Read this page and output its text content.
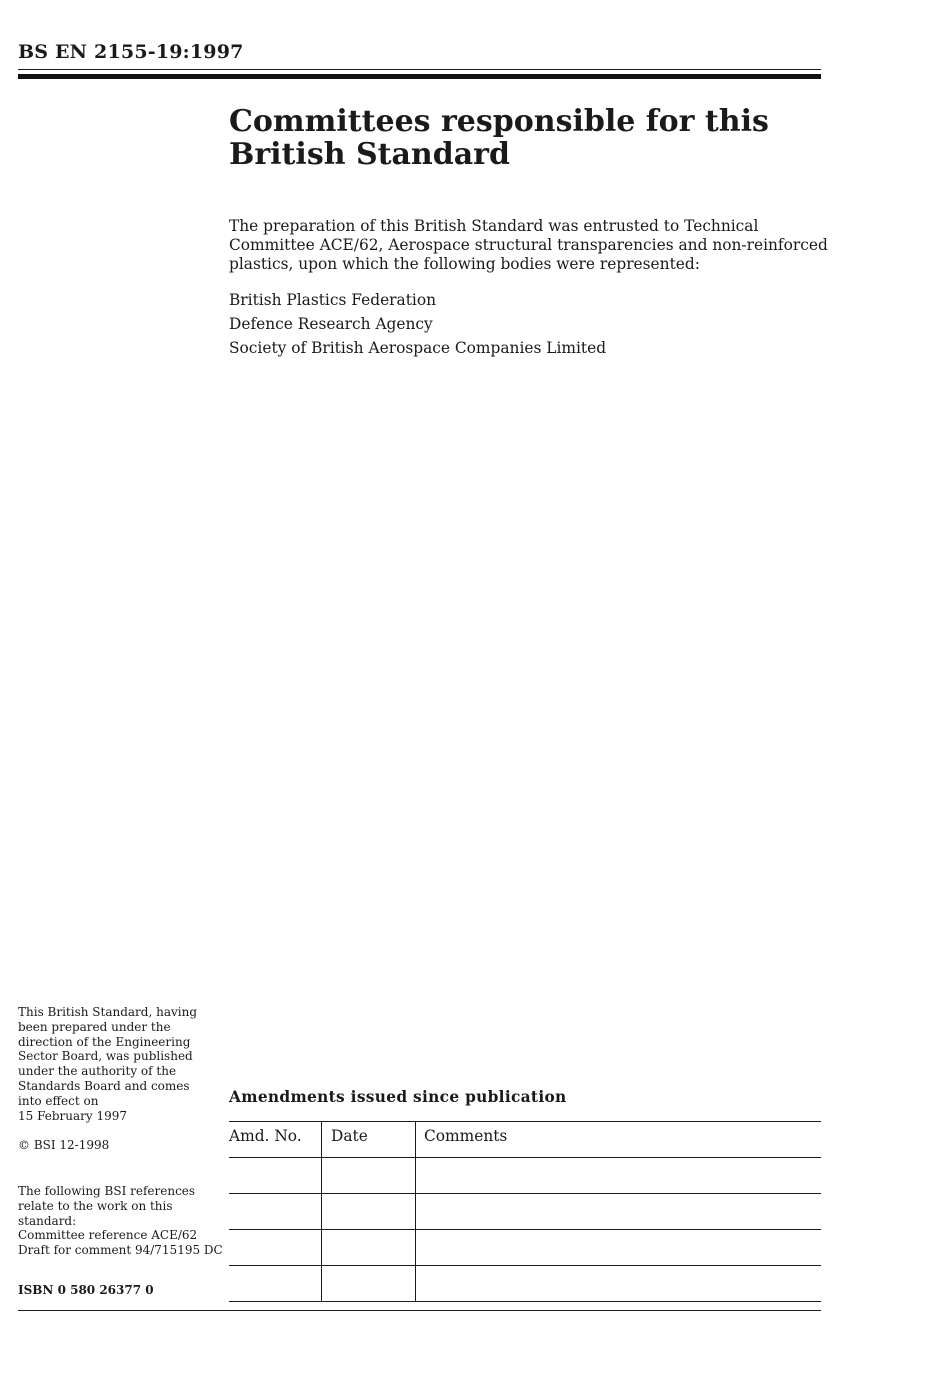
BS EN 2155-19:1997
Committees responsible for this
British Standard
The preparation of this British Standard was entrusted to Technical Committee ACE/62, Aerospace structural transparencies and non-reinforced plastics, upon which the following bodies were represented:
British Plastics Federation
Defence Research Agency
Society of British Aerospace Companies Limited
This British Standard, having
been prepared under the
direction of the Engineering
Sector Board, was published
under the authority of the
Standards Board and comes
into effect on
15 February 1997
© BSI 12-1998
The following BSI references
relate to the work on this
standard:
Committee reference ACE/62
Draft for comment 94/715195 DC
ISBN 0 580 26377 0
Amendments issued since publication
Amd. No.	Date	Comments
